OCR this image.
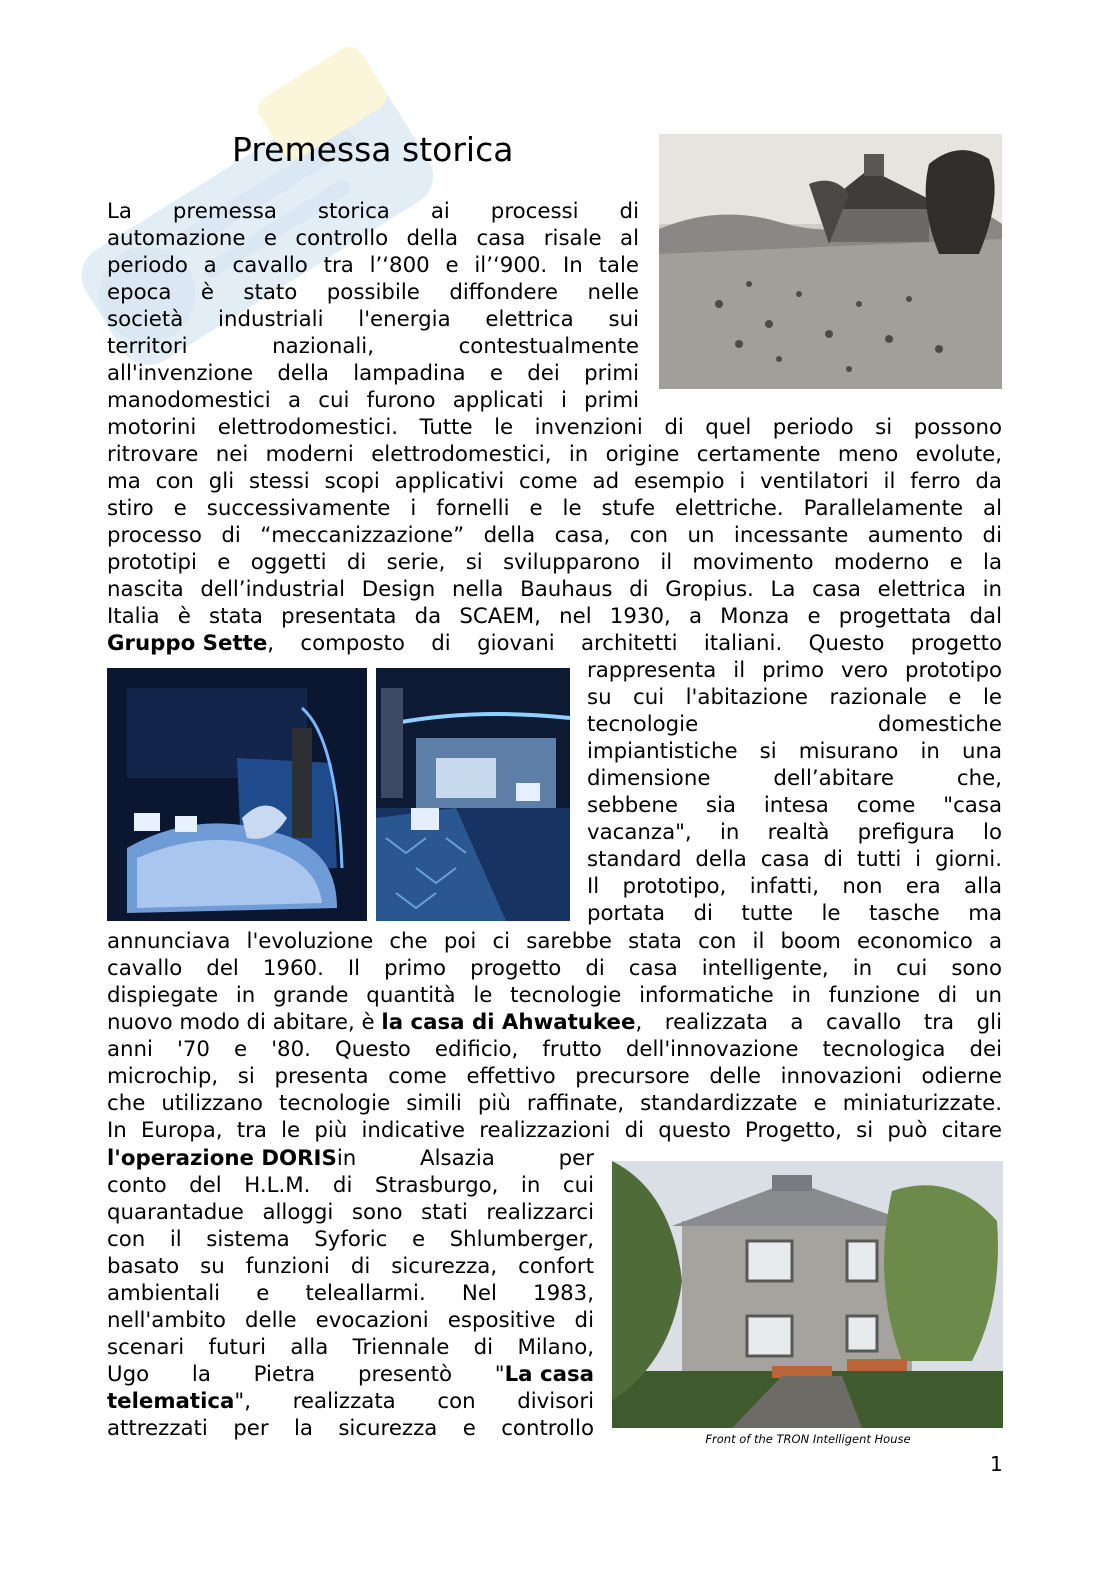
Premessa storica
Front of the TRON Intelligent House
La premessa storica ai processi di
automazione e controllo della casa risale al
periodo a cavallo tra l’‘800 e il’‘900. In tale
epoca è stato possibile diffondere nelle
società industriali l'energia elettrica sui
territori nazionali, contestualmente
all'invenzione della lampadina e dei primi
manodomestici a cui furono applicati i primi
motorini elettrodomestici. Tutte le invenzioni di quel periodo si possono
ritrovare nei moderni elettrodomestici, in origine certamente meno evolute,
ma con gli stessi scopi applicativi come ad esempio i ventilatori il ferro da
stiro e successivamente i fornelli e le stufe elettriche. Parallelamente al
processo di “meccanizzazione” della casa, con un incessante aumento di
prototipi e oggetti di serie, si svilupparono il movimento moderno e la
nascita dell’industrial Design nella Bauhaus di Gropius. La casa elettrica in
Italia è stata presentata da SCAEM, nel 1930, a Monza e progettata dal
Gruppo Sette , composto di giovani architetti italiani. Questo progetto
rappresenta il primo vero prototipo
su cui l'abitazione razionale e le
tecnologie domestiche
impiantistiche si misurano in una
dimensione dell’abitare che,
sebbene sia intesa come "casa
vacanza", in realtà prefigura lo
standard della casa di tutti i giorni.
Il prototipo, infatti, non era alla
portata di tutte le tasche ma
annunciava l'evoluzione che poi ci sarebbe stata con il boom economico a
cavallo del 1960. Il primo progetto di casa intelligente, in cui sono
dispiegate in grande quantità le tecnologie informatiche in funzione di un
nuovo modo di abitare, è la casa di Ahwatukee , realizzata a cavallo tra gli
anni '70 e '80. Questo edificio, frutto dell'innovazione tecnologica dei
microchip, si presenta come effettivo precursore delle innovazioni odierne
che utilizzano tecnologie simili più raffinate, standardizzate e miniaturizzate.
In Europa, tra le più indicative realizzazioni di questo Progetto, si può citare
l'operazione DORIS in Alsazia per
conto del H.L.M. di Strasburgo, in cui
quarantadue alloggi sono stati realizzarci
con il sistema Syforic e Shlumberger,
basato su funzioni di sicurezza, confort
ambientali e teleallarmi. Nel 1983,
nell'ambito delle evocazioni espositive di
scenari futuri alla Triennale di Milano,
Ugo la Pietra presentò " La casa
telematica ", realizzata con divisori
attrezzati per la sicurezza e controllo
1
